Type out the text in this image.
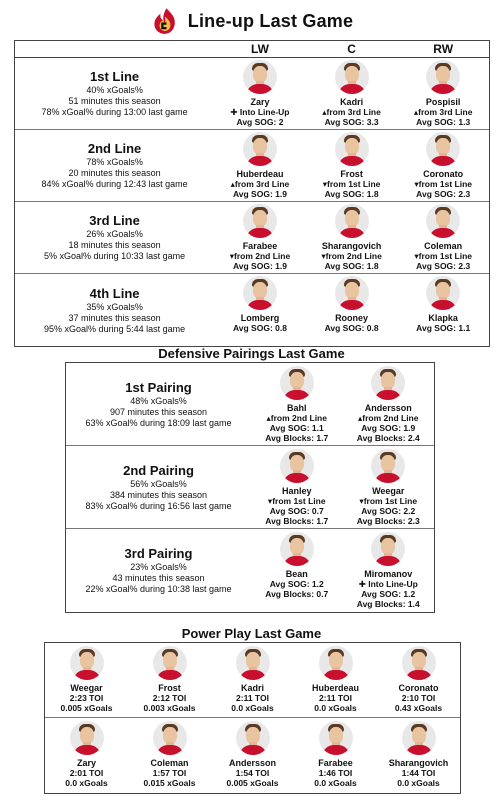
Line-up Last Game
LW	C	RW
1st Line
40% xGoals%
51 minutes this season
78% xGoal% during 13:00 last game
Zary
✚ Into Line-Up
Avg SOG: 2
Kadri
▴from 3rd Line
Avg SOG: 3.3
Pospisil
▴from 3rd Line
Avg SOG: 1.3
2nd Line
78% xGoals%
20 minutes this season
84% xGoal% during 12:43 last game
Huberdeau
▴from 3rd Line
Avg SOG: 1.9
Frost
▾from 1st Line
Avg SOG: 1.8
Coronato
▾from 1st Line
Avg SOG: 2.3
3rd Line
26% xGoals%
18 minutes this season
5% xGoal% during 10:33 last game
Farabee
▾from 2nd Line
Avg SOG: 1.9
Sharangovich
▾from 2nd Line
Avg SOG: 1.8
Coleman
▾from 1st Line
Avg SOG: 2.3
4th Line
35% xGoals%
37 minutes this season
95% xGoal% during 5:44 last game
Lomberg
Avg SOG: 0.8
Rooney
Avg SOG: 0.8
Klapka
Avg SOG: 1.1
Defensive Pairings Last Game
1st Pairing
48% xGoals%
907 minutes this season
63% xGoal% during 18:09 last game
Bahl
▴from 2nd Line
Avg SOG: 1.1
Avg Blocks: 1.7
Andersson
▴from 2nd Line
Avg SOG: 1.9
Avg Blocks: 2.4
2nd Pairing
56% xGoals%
384 minutes this season
83% xGoal% during 16:56 last game
Hanley
▾from 1st Line
Avg SOG: 0.7
Avg Blocks: 1.7
Weegar
▾from 1st Line
Avg SOG: 2.2
Avg Blocks: 2.3
3rd Pairing
23% xGoals%
43 minutes this season
22% xGoal% during 10:38 last game
Bean
Avg SOG: 1.2
Avg Blocks: 0.7
Miromanov
✚ Into Line-Up
Avg SOG: 1.2
Avg Blocks: 1.4
Power Play Last Game
Weegar
2:23 TOI
0.005 xGoals
Frost
2:12 TOI
0.003 xGoals
Kadri
2:11 TOI
0.0 xGoals
Huberdeau
2:11 TOI
0.0 xGoals
Coronato
2:10 TOI
0.43 xGoals
Zary
2:01 TOI
0.0 xGoals
Coleman
1:57 TOI
0.015 xGoals
Andersson
1:54 TOI
0.005 xGoals
Farabee
1:46 TOI
0.0 xGoals
Sharangovich
1:44 TOI
0.0 xGoals
